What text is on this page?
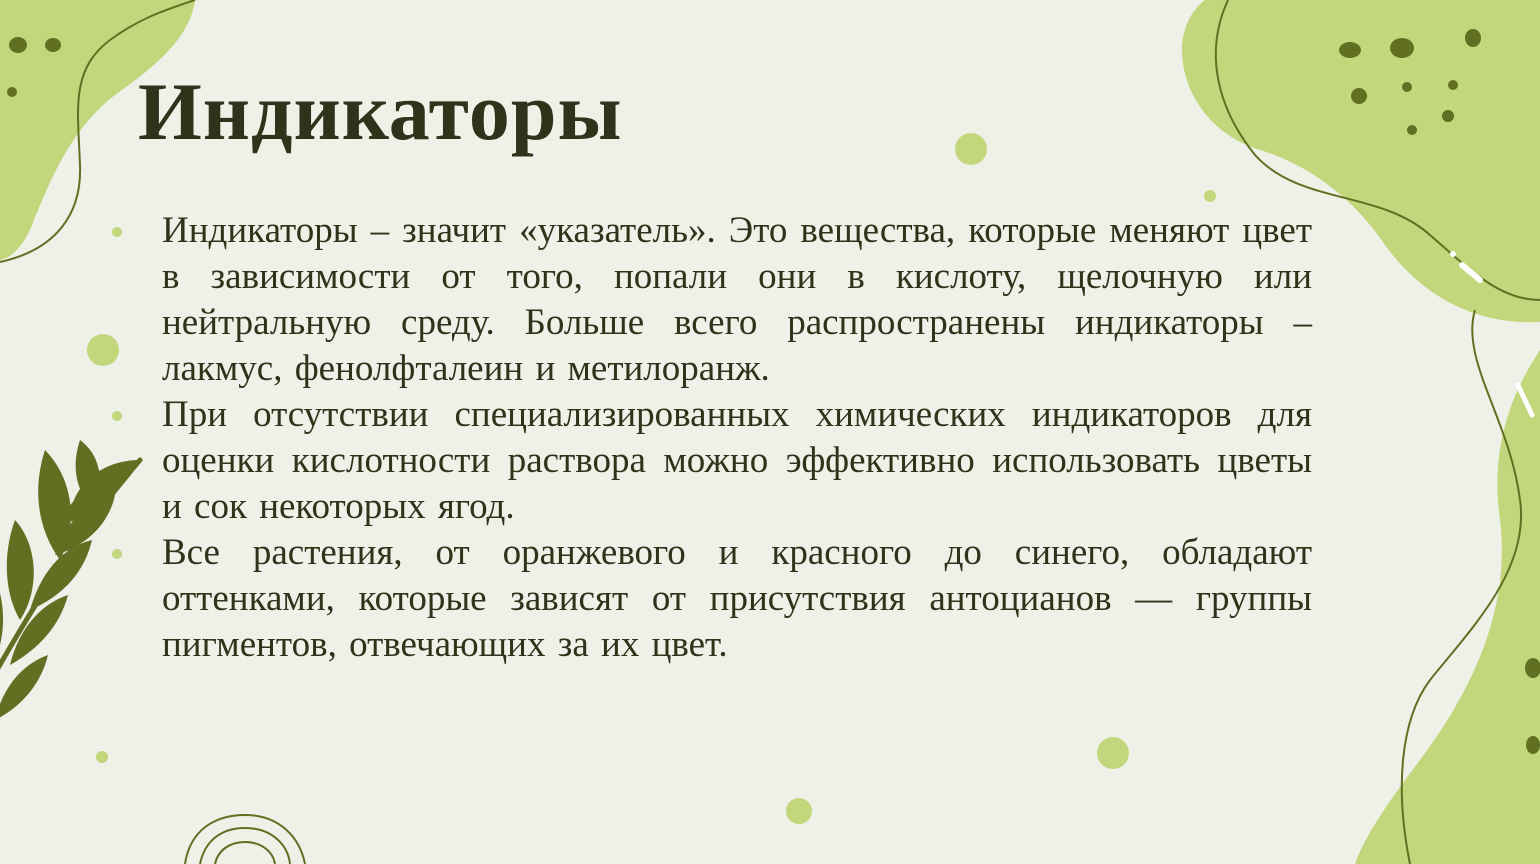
Индикаторы
Индикаторы – значит «указатель». Это вещества, которые меняют цвет в зависимости от того, попали они в кислоту, щелочную или нейтральную среду. Больше всего распространены индикаторы – лакмус, фенолфталеин и метилоранж.
При отсутствии специализированных химических индикаторов для оценки кислотности раствора можно эффективно использовать цветы и сок некоторых ягод.
Все растения, от оранжевого и красного до синего, обладают оттенками, которые зависят от присутствия антоцианов — группы пигментов, отвечающих за их цвет.
